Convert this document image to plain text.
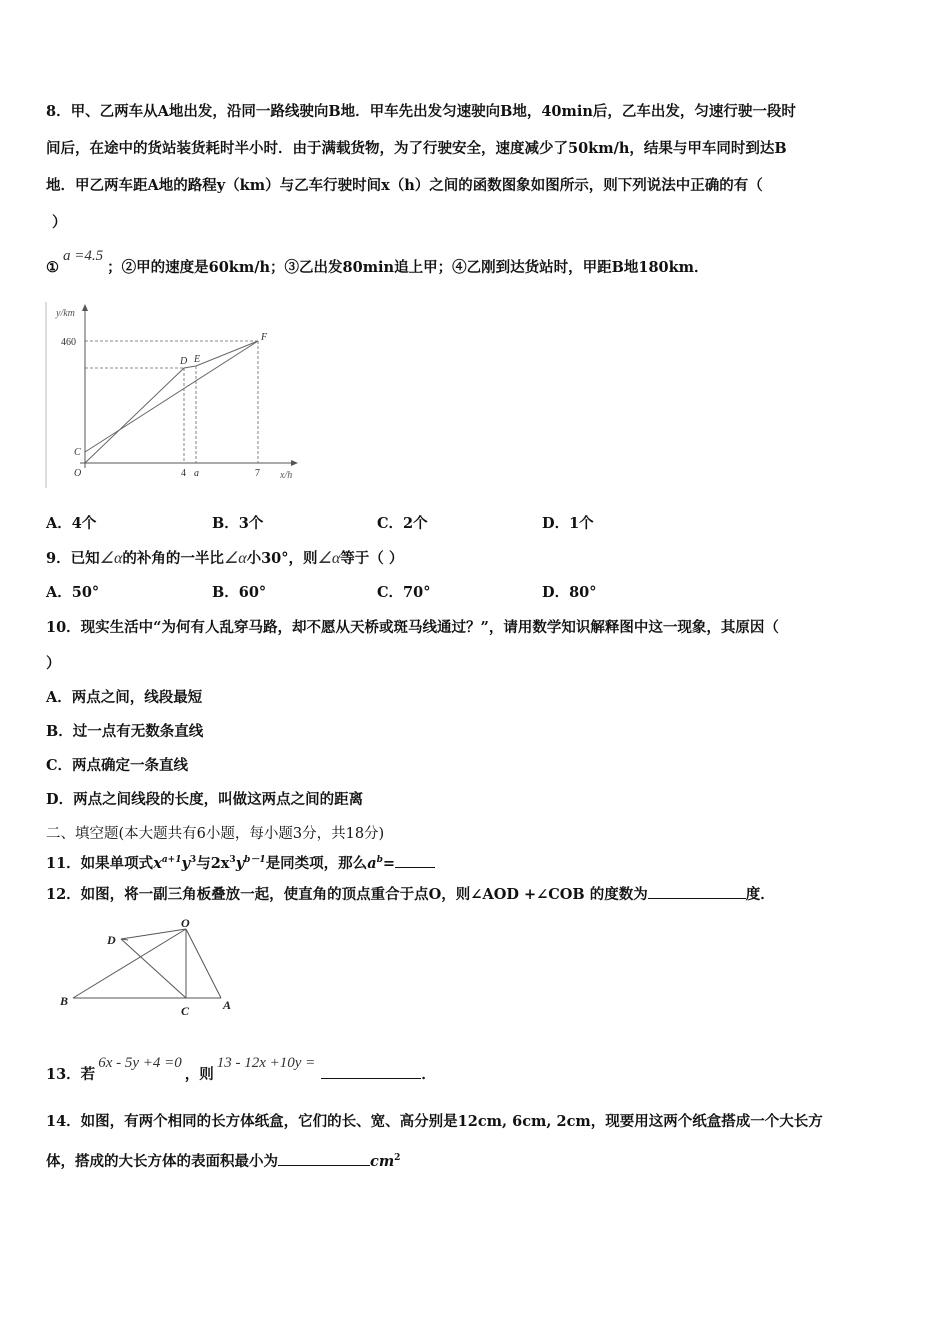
8．甲、乙两车从A地出发，沿同一路线驶向B地．甲车先出发匀速驶向B地，40min后，乙车出发，匀速行驶一段时
间后，在途中的货站装货耗时半小时．由于满载货物，为了行驶安全，速度减少了50km/h，结果与甲车同时到达B
地．甲乙两车距A地的路程y（km）与乙车行驶时间x（h）之间的函数图象如图所示，则下列说法中正确的有（
）
①a =4.5；②甲的速度是60km/h；③乙出发80min追上甲；④乙刚到达货站时，甲距B地180km．
y/km
x/h
460
4 a	7
O
C
D E
F
A．4个	B．3个	C．2个	D．1个
9．已知∠α的补角的一半比∠α小30°，则∠α等于（ ）
A．50°	B．60°	C．70°	D．80°
10．现实生活中“为何有人乱穿马路，却不愿从天桥或斑马线通过？”，请用数学知识解释图中这一现象，其原因（
）
A．两点之间，线段最短
B．过一点有无数条直线
C．两点确定一条直线
D．两点之间线段的长度，叫做这两点之间的距离
二、填空题(本大题共有6小题，每小题3分，共18分)
11．如果单项式$x^{a+1}y^3$与$2x^3y^{b-1}$是同类项，那么$a^b=$
12．如图，将一副三角板叠放一起，使直角的顶点重合于点O，则∠AOD +∠COB 的度数为	度．
O
D
B
C	A
13．若6x - 5y +4 =0，则13 - 12x +10y =．
14．如图，有两个相同的长方体纸盒，它们的长、宽、高分别是12cm, 6cm, 2cm，现要用这两个纸盒搭成一个大长方
体，搭成的大长方体的表面积最小为	$cm^2$
